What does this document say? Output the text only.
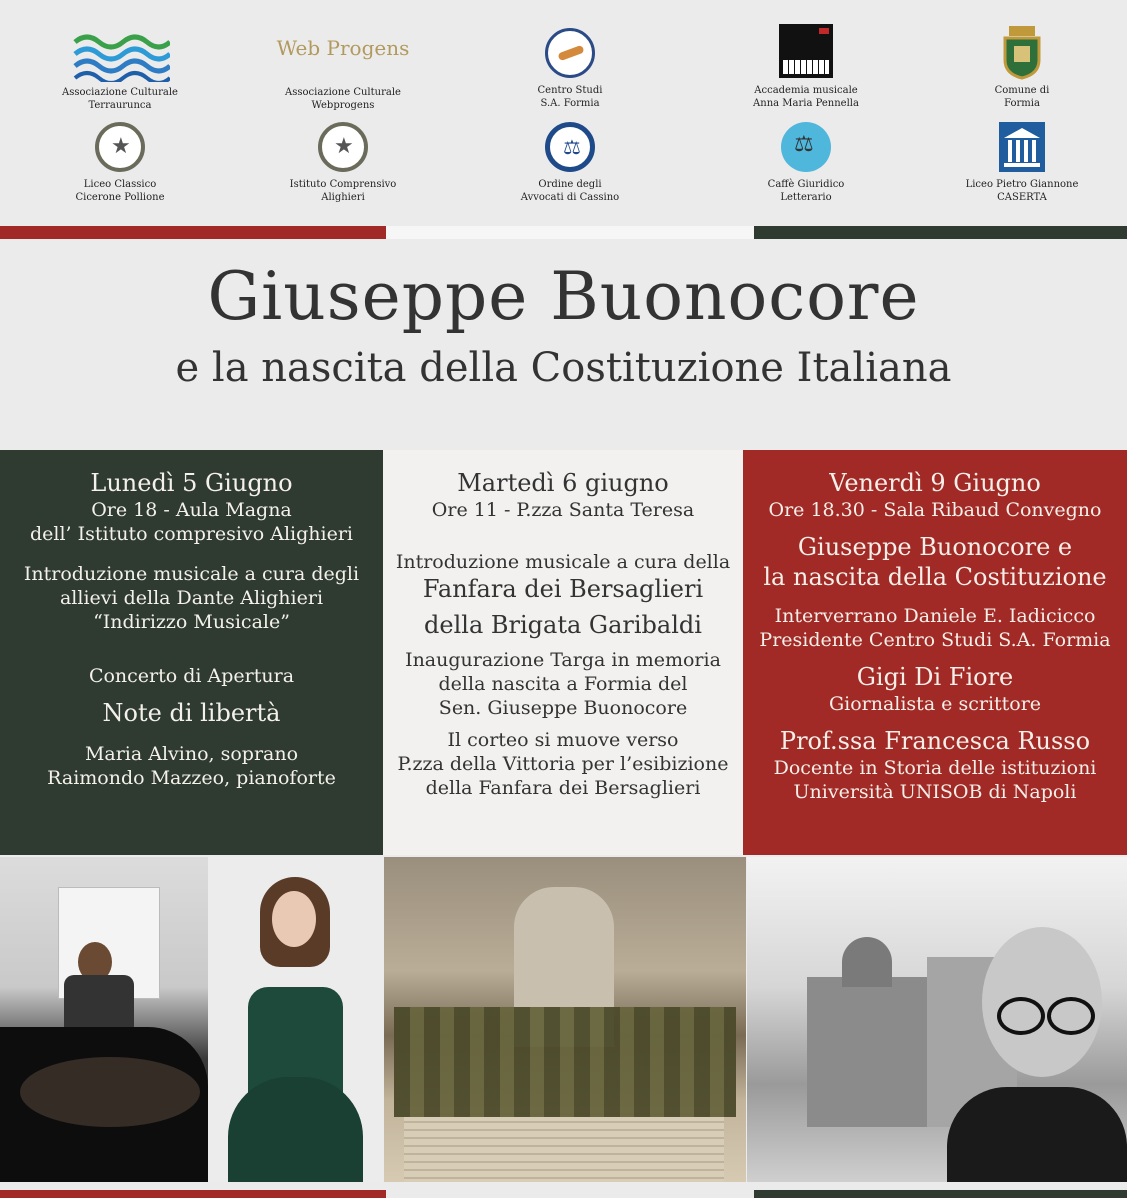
Associazione Culturale
Terraurunca
Web Progens
Associazione Culturale
Webprogens
Centro Studi
S.A. Formia
Accademia musicale
Anna Maria Pennella
Comune di
Formia
★
Liceo Classico
Cicerone Pollione
★
Istituto Comprensivo
Alighieri
⚖
Ordine degli
Avvocati di Cassino
⚖
Caffè Giuridico
Letterario
Liceo Pietro Giannone
CASERTA
Giuseppe Buonocore
e la nascita della Costituzione Italiana

Lunedì 5 Giugno

Ore 18 - Aula Magna

dell’ Istituto compresivo Alighieri

Introduzione musicale a cura degli

allievi della Dante Alighieri

“Indirizzo Musicale”

Concerto di Apertura

Note di libertà

Maria Alvino, soprano

Raimondo Mazzeo, pianoforte

Martedì 6 giugno

Ore 11 - P.zza Santa Teresa

Introduzione musicale a cura della

Fanfara dei Bersaglieri

della Brigata Garibaldi

Inaugurazione Targa in memoria

della nascita a Formia del

Sen. Giuseppe Buonocore

Il corteo si muove verso

P.zza della Vittoria per l’esibizione

della Fanfara dei Bersaglieri

Venerdì 9 Giugno

Ore 18.30 - Sala Ribaud Convegno

Giuseppe Buonocore e

la nascita della Costituzione

Interverrano Daniele E. Iadicicco

Presidente Centro Studi S.A. Formia

Gigi Di Fiore

Giornalista e scrittore

Prof.ssa Francesca Russo

Docente in Storia delle istituzioni

Università UNISOB di Napoli
